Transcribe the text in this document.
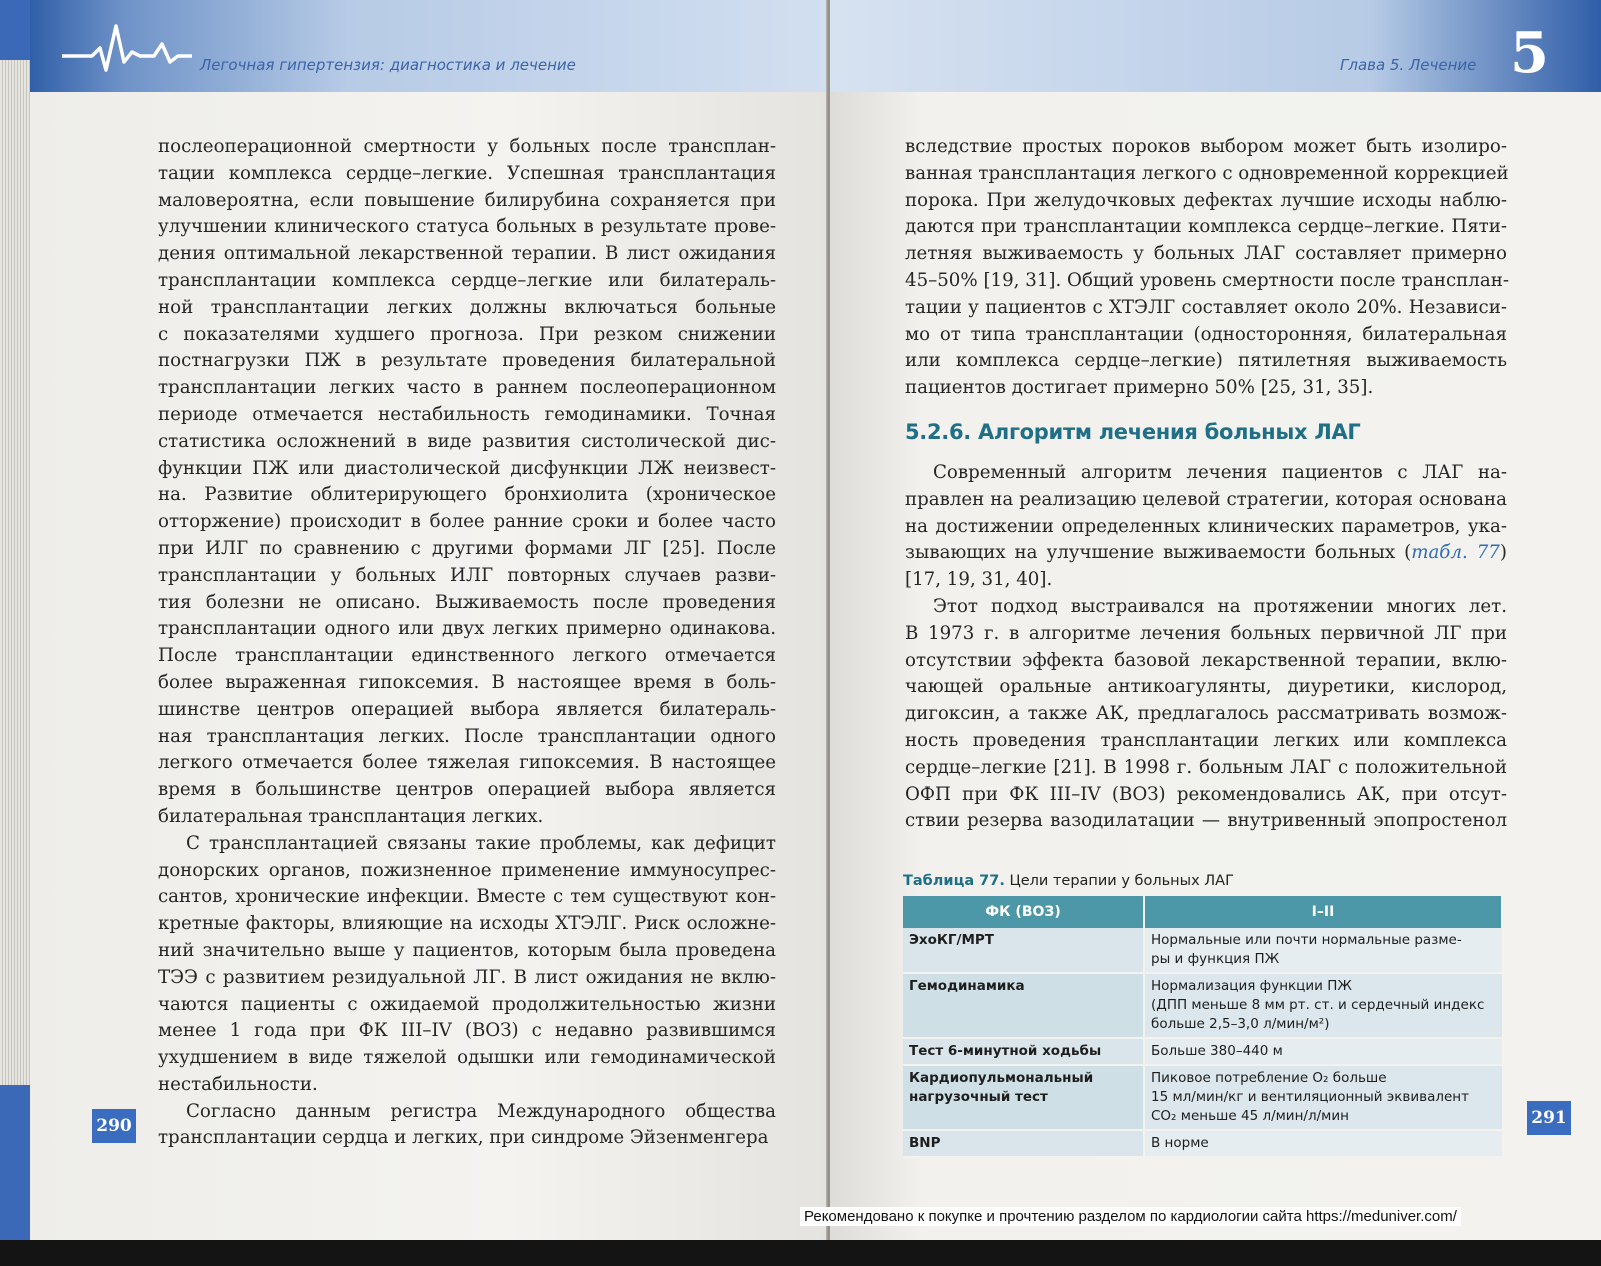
Легочная гипертензия: диагностика и лечение
послеоперационной смертности у больных после трансплан-
тации комплекса сердце–легкие. Успешная трансплантация
маловероятна, если повышение билирубина сохраняется при
улучшении клинического статуса больных в результате прове-
дения оптимальной лекарственной терапии. В лист ожидания
трансплантации комплекса сердце–легкие или билатераль-
ной трансплантации легких должны включаться больные
с показателями худшего прогноза. При резком снижении
постнагрузки ПЖ в результате проведения билатеральной
трансплантации легких часто в раннем послеоперационном
периоде отмечается нестабильность гемодинамики. Точная
статистика осложнений в виде развития систолической дис-
функции ПЖ или диастолической дисфункции ЛЖ неизвест-
на. Развитие облитерирующего бронхиолита (хроническое
отторжение) происходит в более ранние сроки и более часто
при ИЛГ по сравнению с другими формами ЛГ [25]. После
трансплантации у больных ИЛГ повторных случаев разви-
тия болезни не описано. Выживаемость после проведения
трансплантации одного или двух легких примерно одинакова.
После трансплантации единственного легкого отмечается
более выраженная гипоксемия. В настоящее время в боль-
шинстве центров операцией выбора является билатераль-
ная трансплантация легких. После трансплантации одного
легкого отмечается более тяжелая гипоксемия. В настоящее
время в большинстве центров операцией выбора является
билатеральная трансплантация легких.
С трансплантацией связаны такие проблемы, как дефицит
донорских органов, пожизненное применение иммуносупрес-
сантов, хронические инфекции. Вместе с тем существуют кон-
кретные факторы, влияющие на исходы ХТЭЛГ. Риск осложне-
ний значительно выше у пациентов, которым была проведена
ТЭЭ с развитием резидуальной ЛГ. В лист ожидания не вклю-
чаются пациенты с ожидаемой продолжительностью жизни
менее 1 года при ФК III–IV (ВОЗ) с недавно развившимся
ухудшением в виде тяжелой одышки или гемодинамической
нестабильности.
Согласно данным регистра Международного общества
трансплантации сердца и легких, при синдроме Эйзенменгера
290
Глава 5. Лечение 5
вследствие простых пороков выбором может быть изолиро-
ванная трансплантация легкого с одновременной коррекцией
порока. При желудочковых дефектах лучшие исходы наблю-
даются при трансплантации комплекса сердце–легкие. Пяти-
летняя выживаемость у больных ЛАГ составляет примерно
45–50% [19, 31]. Общий уровень смертности после трансплан-
тации у пациентов с ХТЭЛГ составляет около 20%. Независи-
мо от типа трансплантации (односторонняя, билатеральная
или комплекса сердце–легкие) пятилетняя выживаемость
пациентов достигает примерно 50% [25, 31, 35].
5.2.6. Алгоритм лечения больных ЛАГ
Современный алгоритм лечения пациентов с ЛАГ на-
правлен на реализацию целевой стратегии, которая основана
на достижении определенных клинических параметров, ука-
зывающих на улучшение выживаемости больных (табл. 77)
[17, 19, 31, 40].
Этот подход выстраивался на протяжении многих лет.
В 1973 г. в алгоритме лечения больных первичной ЛГ при
отсутствии эффекта базовой лекарственной терапии, вклю-
чающей оральные антикоагулянты, диуретики, кислород,
дигоксин, а также АК, предлагалось рассматривать возмож-
ность проведения трансплантации легких или комплекса
сердце–легкие [21]. В 1998 г. больным ЛАГ с положительной
ОФП при ФК III–IV (ВОЗ) рекомендовались АК, при отсут-
ствии резерва вазодилатации — внутривенный эпопростенол
Таблица 77. Цели терапии у больных ЛАГ
ФК (ВОЗ)	I–II
ЭхоКГ/МРТ	Нормальные или почти нормальные разме-
ры и функция ПЖ
Гемодинамика	Нормализация функции ПЖ
(ДПП меньше 8 мм рт. ст. и сердечный индекс
больше 2,5–3,0 л/мин/м²)
Тест 6-минутной ходьбы	Больше 380–440 м
Кардиопульмональный
нагрузочный тест	Пиковое потребление O₂ больше
15 мл/мин/кг и вентиляционный эквивалент
CO₂ меньше 45 л/мин/л/мин
BNP	В норме
291
Рекомендовано к покупке и прочтению разделом по кардиологии сайта https://meduniver.com/
